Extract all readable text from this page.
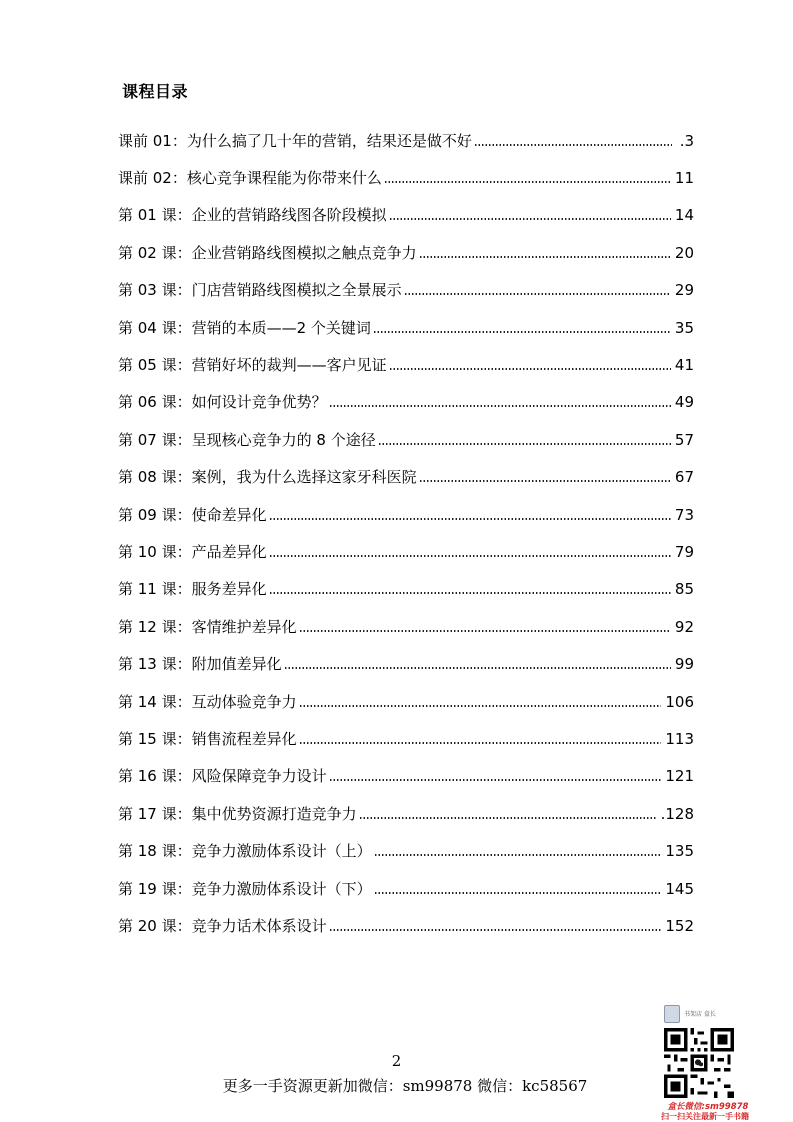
课程目录
课前 01：为什么搞了几十年的营销，结果还是做不好	.3
课前 02：核心竞争课程能为你带来什么	11
第 01 课：企业的营销路线图各阶段模拟	14
第 02 课：企业营销路线图模拟之触点竞争力	20
第 03 课：门店营销路线图模拟之全景展示	29
第 04 课：营销的本质——2 个关键词	35
第 05 课：营销好坏的裁判——客户见证	41
第 06 课：如何设计竞争优势？	49
第 07 课：呈现核心竞争力的 8 个途径	57
第 08 课：案例，我为什么选择这家牙科医院	67
第 09 课：使命差异化	73
第 10 课：产品差异化	79
第 11 课：服务差异化	85
第 12 课：客情维护差异化	92
第 13 课：附加值差异化	99
第 14 课：互动体验竞争力	106
第 15 课：销售流程差异化	113
第 16 课：风险保障竞争力设计	121
第 17 课：集中优势资源打造竞争力	.128
第 18 课：竞争力激励体系设计（上）	135
第 19 课：竞争力激励体系设计（下）	145
第 20 课：竞争力话术体系设计	152
2
更多一手资源更新加微信：sm99878 微信：kc58567
书架店 盒长
盒长微信:sm99878
扫一扫关注最新一手书籍
